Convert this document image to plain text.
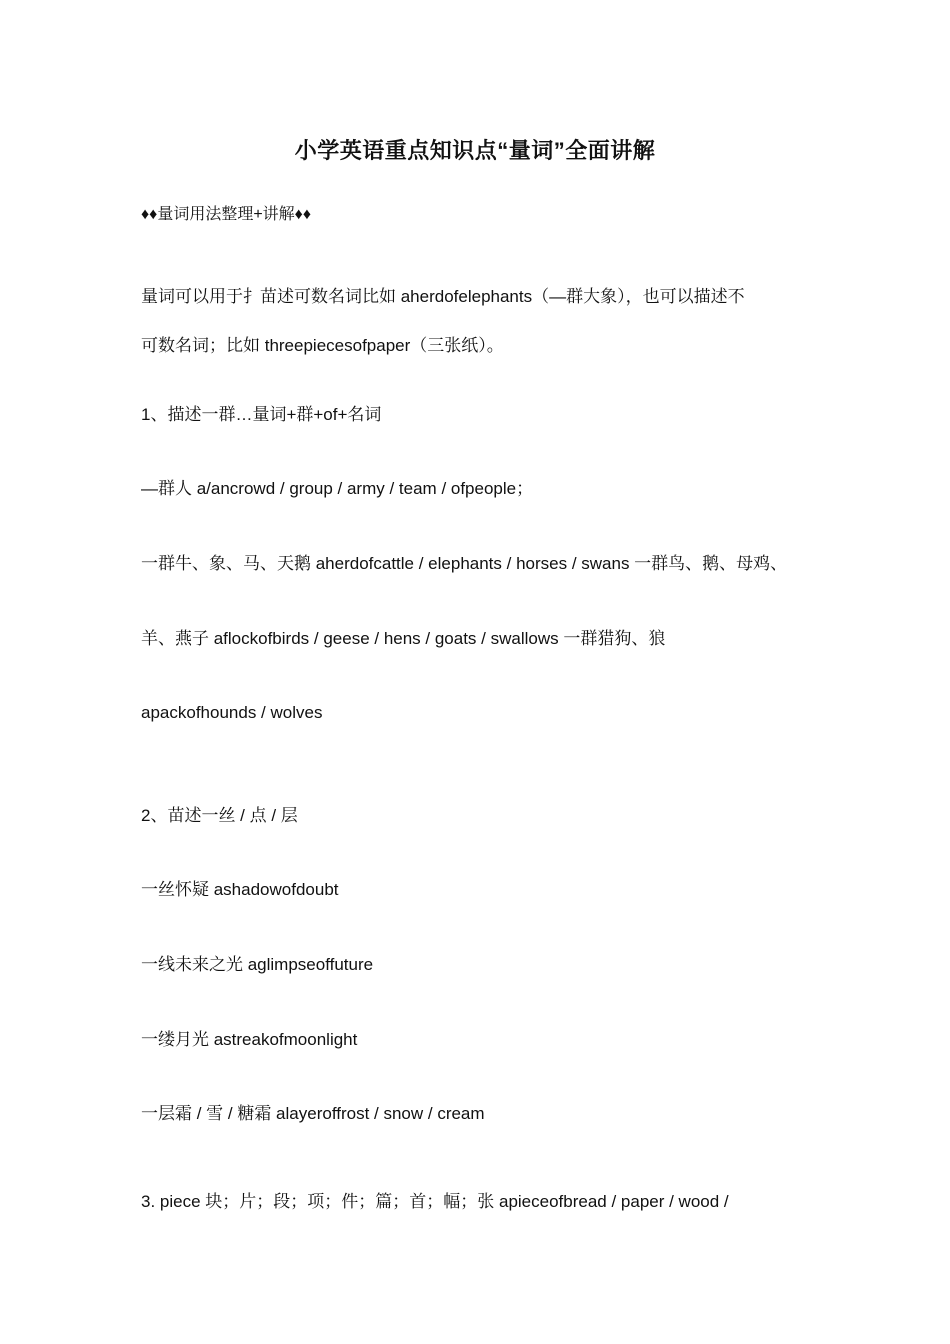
小学英语重点知识点“量词”全面讲解
♦♦量词用法整理+讲解♦♦
量词可以用于扌苗述可数名词比如 aherdofelephants（—群大象），也可以描述不
可数名词；比如 threepiecesofpaper（三张纸）。
1、描述一群…量词+群+of+名词
—群人 a/ancrowd / group / army / team / ofpeople；
一群牛、象、马、天鹅 aherdofcattle / elephants / horses / swans 一群鸟、鹅、母鸡、
羊、燕子 aflockofbirds / geese / hens / goats / swallows 一群猎狗、狼
apackofhounds / wolves
2、苗述一丝 / 点 / 层
一丝怀疑 ashadowofdoubt
一线未来之光 aglimpseoffuture
一缕月光 astreakofmoonlight
一层霜 / 雪 / 糖霜 alayeroffrost / snow / cream
3. piece 块；片；段；项；件；篇；首；幅；张 apieceofbread / paper / wood /
